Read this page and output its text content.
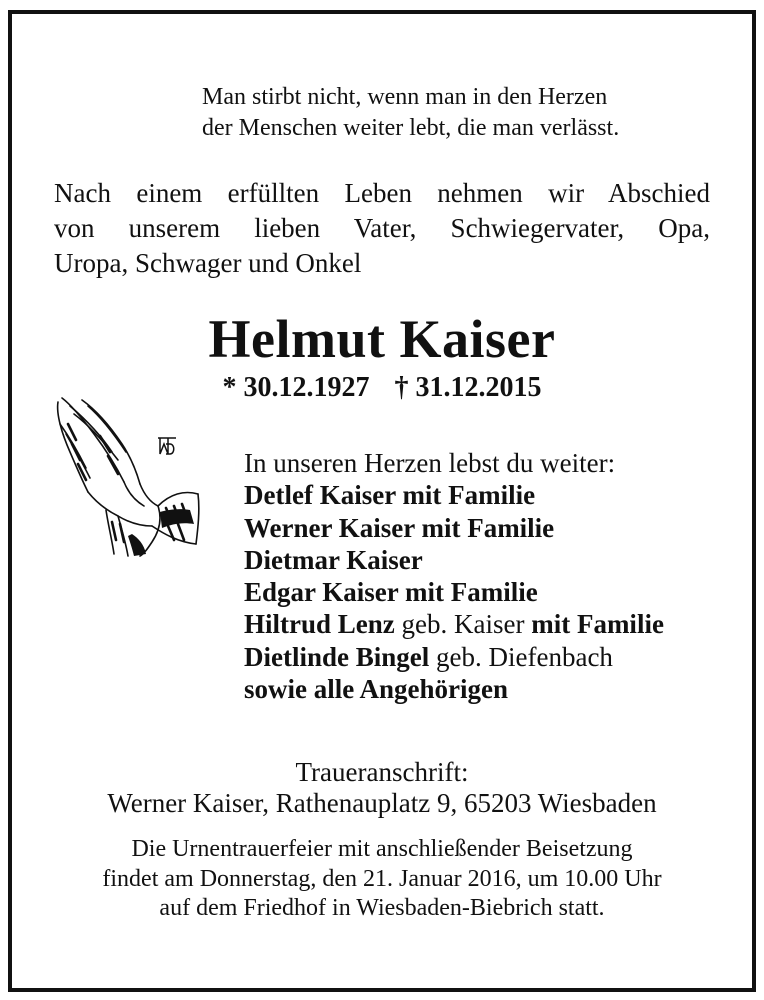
Man stirbt nicht, wenn man in den Herzen
der Menschen weiter lebt, die man verlässt.
Nach einem erfüllten Leben nehmen wir Abschied
von unserem lieben Vater, Schwiegervater, Opa,
Uropa, Schwager und Onkel
Helmut Kaiser
* 30.12.1927 † 31.12.2015
In unseren Herzen lebst du weiter:
Detlef Kaiser mit Familie
Werner Kaiser mit Familie
Dietmar Kaiser
Edgar Kaiser mit Familie
Hiltrud Lenz geb. Kaiser mit Familie
Dietlinde Bingel geb. Diefenbach
sowie alle Angehörigen
Traueranschrift:
Werner Kaiser, Rathenauplatz 9, 65203 Wiesbaden
Die Urnentrauerfeier mit anschließender Beisetzung
findet am Donnerstag, den 21. Januar 2016, um 10.00 Uhr
auf dem Friedhof in Wiesbaden-Biebrich statt.
